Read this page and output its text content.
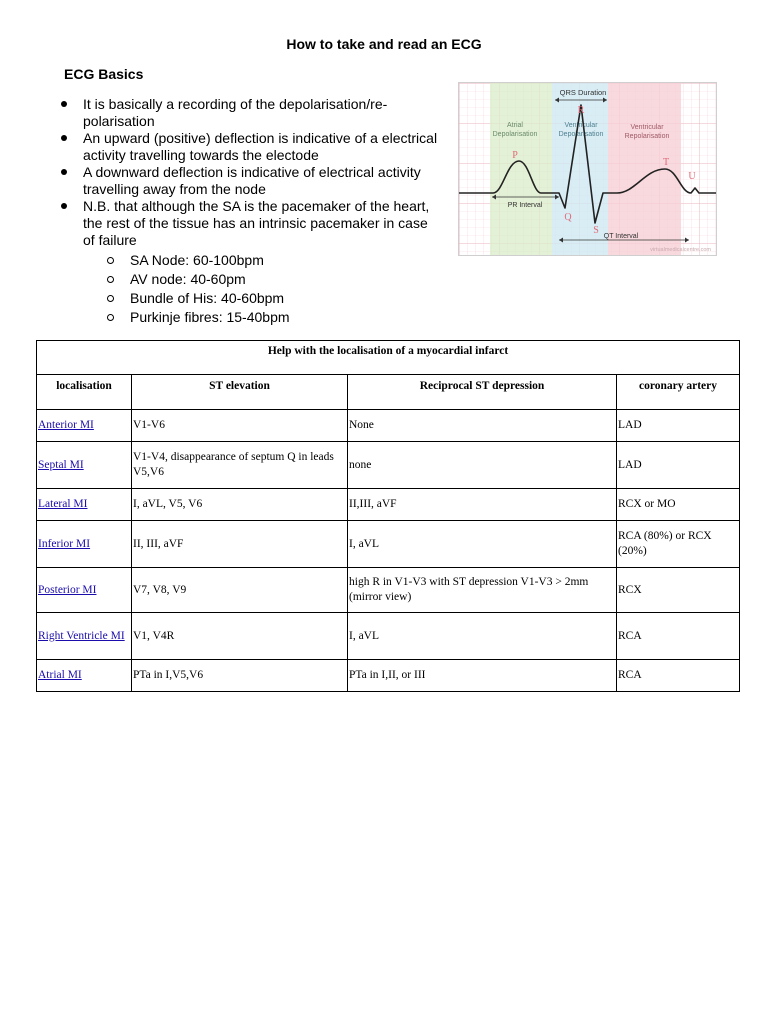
How to take and read an ECG
ECG Basics
It is basically a recording of the depolarisation/re-polarisation
An upward (positive) deflection is indicative of a electrical activity travelling towards the electode
A downward deflection is indicative of electrical activity travelling away from the node
N.B. that although the SA is the pacemaker of the heart, the rest of the tissue has an intrinsic pacemaker in case of failure
SA Node: 60-100bpm
AV node: 40-60pm
Bundle of His: 40-60bpm
Purkinje fibres: 15-40bpm
QRS Duration
Atrial
Depolarisation
Ventricular
Depolarisation
Ventricular
Repolarisation
P
R
Q
S
T
U
PR Interval
QT Interval
virtualmedicalcentre.com
Help with the localisation of a myocardial infarct			
localisation	ST elevation	Reciprocal ST depression	coronary artery
Anterior MI	V1-V6	None	LAD
Septal MI	V1-V4, disappearance of septum Q in leads V5,V6	none	LAD
Lateral MI	I, aVL, V5, V6	II,III, aVF	RCX or MO
Inferior MI	II, III, aVF	I, aVL	RCA (80%) or RCX (20%)
Posterior MI	V7, V8, V9	high R in V1-V3 with ST depression V1-V3 > 2mm (mirror view)	RCX
Right Ventricle MI	V1, V4R	I, aVL	RCA
Atrial MI	PTa in I,V5,V6	PTa in I,II, or III	RCA
